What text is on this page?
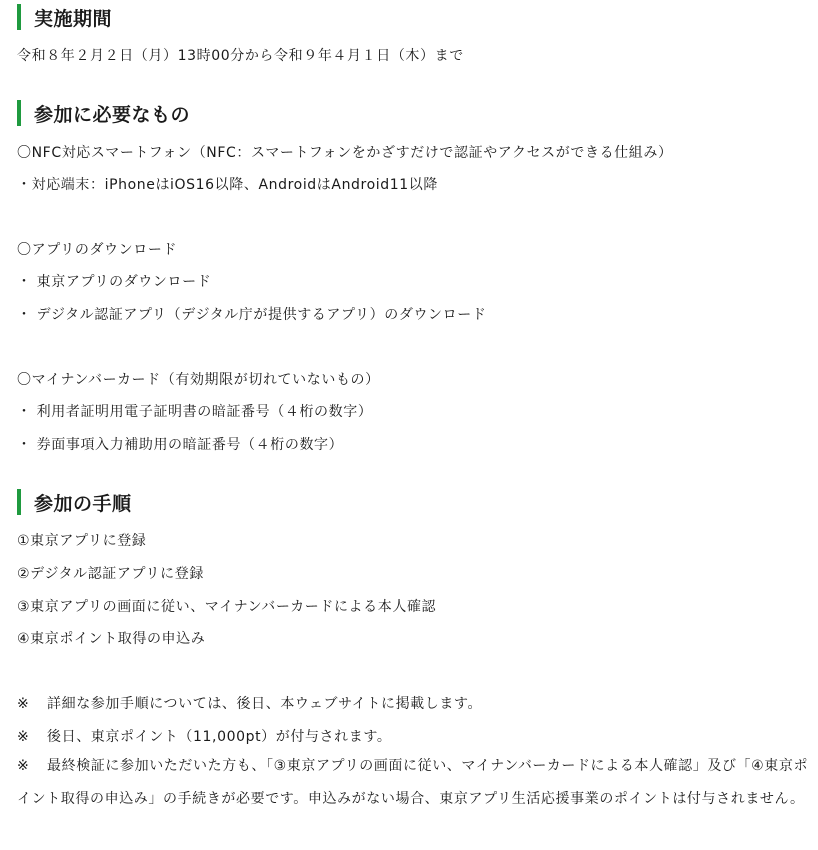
実施期間
令和８年２月２日（月）13時00分から令和９年４月１日（木）まで
参加に必要なもの
〇NFC対応スマートフォン（NFC：スマートフォンをかざすだけで認証やアクセスができる仕組み）
・対応端末：iPhoneはiOS16以降、AndroidはAndroid11以降
〇アプリのダウンロード
・ 東京アプリのダウンロード
・ デジタル認証アプリ（デジタル庁が提供するアプリ）のダウンロード
〇マイナンバーカード（有効期限が切れていないもの）
・ 利用者証明用電子証明書の暗証番号（４桁の数字）
・ 券面事項入力補助用の暗証番号（４桁の数字）
参加の手順
①東京アプリに登録
②デジタル認証アプリに登録
③東京アプリの画面に従い、マイナンバーカードによる本人確認
④東京ポイント取得の申込み
※ 詳細な参加手順については、後日、本ウェブサイトに掲載します。
※ 後日、東京ポイント（11,000pt）が付与されます。
※ 最終検証に参加いただいた方も、「③東京アプリの画面に従い、マイナンバーカードによる本人確認」及び「④東京ポイント取得の申込み」の手続きが必要です。申込みがない場合、東京アプリ生活応援事業のポイントは付与されません。
